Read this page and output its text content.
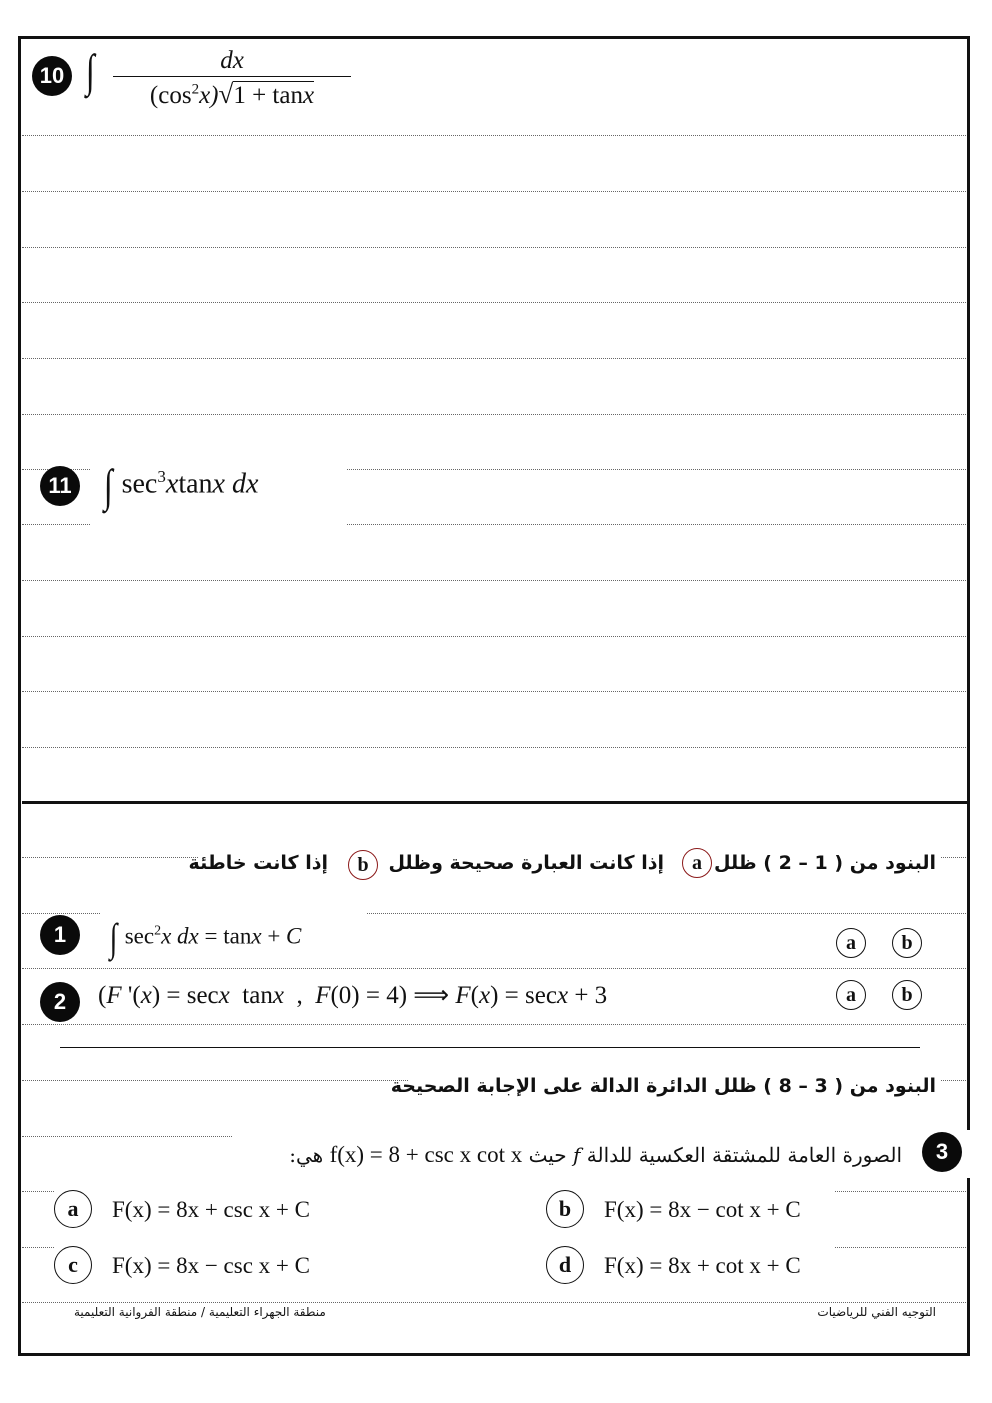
10 ∫ $\frac{dx}{(\cos^2x)√1 + \tan x}$
11 ∫ $\sec^3xtanx$ dx
البنود من ( 1 – 2 ) ظلل
a
إذا كانت العبارة صحيحة وظلل
b
إذا كانت خاطئة
1 ∫ $\sec^2x$ dx = tanx + C	a b
2 (F '(x) = secx  tanx  ,  F(0) = 4) ⟹ F(x) = secx + 3	a b
البنود من ( 3 – 8 ) ظلل الدائرة الدالة على الإجابة الصحيحة
3
الصورة العامة للمشتقة العكسية للدالة f حيث f(x) = 8 + csc x cot x هي:
a F(x) = 8x + csc x + C	b F(x) = 8x − cot x + C
c F(x) = 8x − csc x + C	d F(x) = 8x + cot x + C
التوجيه الفني للرياضيات
منطقة الجهراء التعليمية / منطقة الفروانية التعليمية
